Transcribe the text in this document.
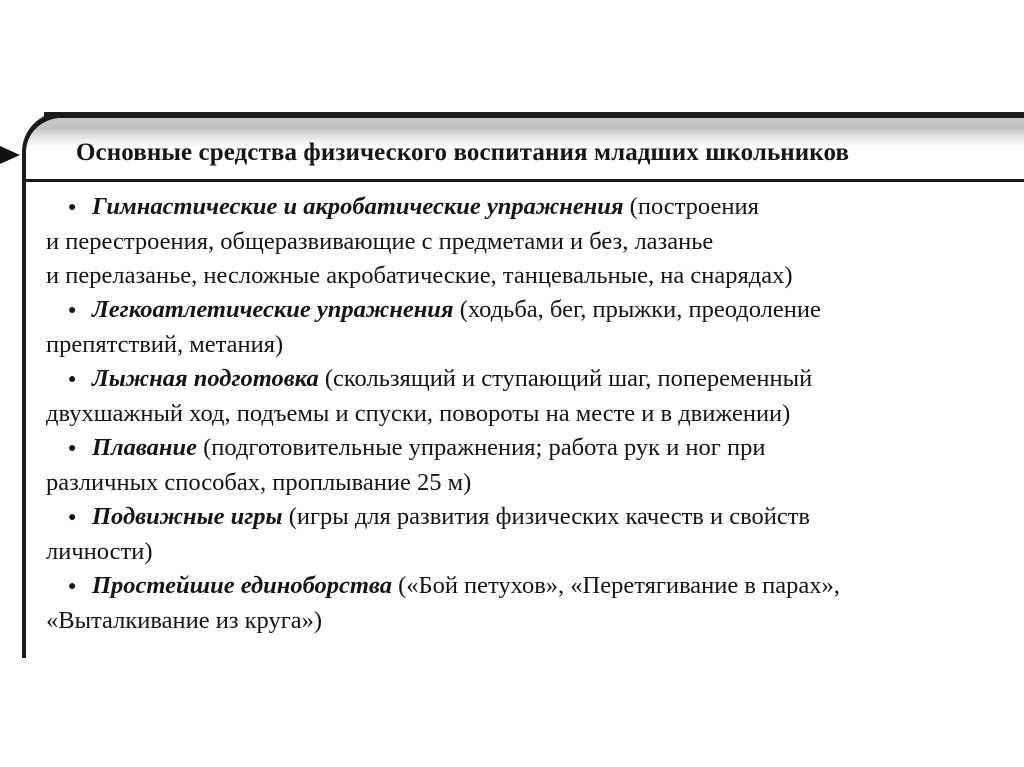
Основные средства физического воспитания младших школьников
● Гимнастические и акробатические упражнения (построения
и перестроения, общеразвивающие с предметами и без, лазанье
и перелазанье, несложные акробатические, танцевальные, на снарядах)
● Легкоатлетические упражнения (ходьба, бег, прыжки, преодоление
препятствий, метания)
● Лыжная подготовка (скользящий и ступающий шаг, попеременный
двухшажный ход, подъемы и спуски, повороты на месте и в движении)
● Плавание (подготовительные упражнения; работа рук и ног при
различных способах, проплывание 25 м)
● Подвижные игры (игры для развития физических качеств и свойств
личности)
● Простейшие единоборства («Бой петухов», «Перетягивание в парах»,
«Выталкивание из круга»)
